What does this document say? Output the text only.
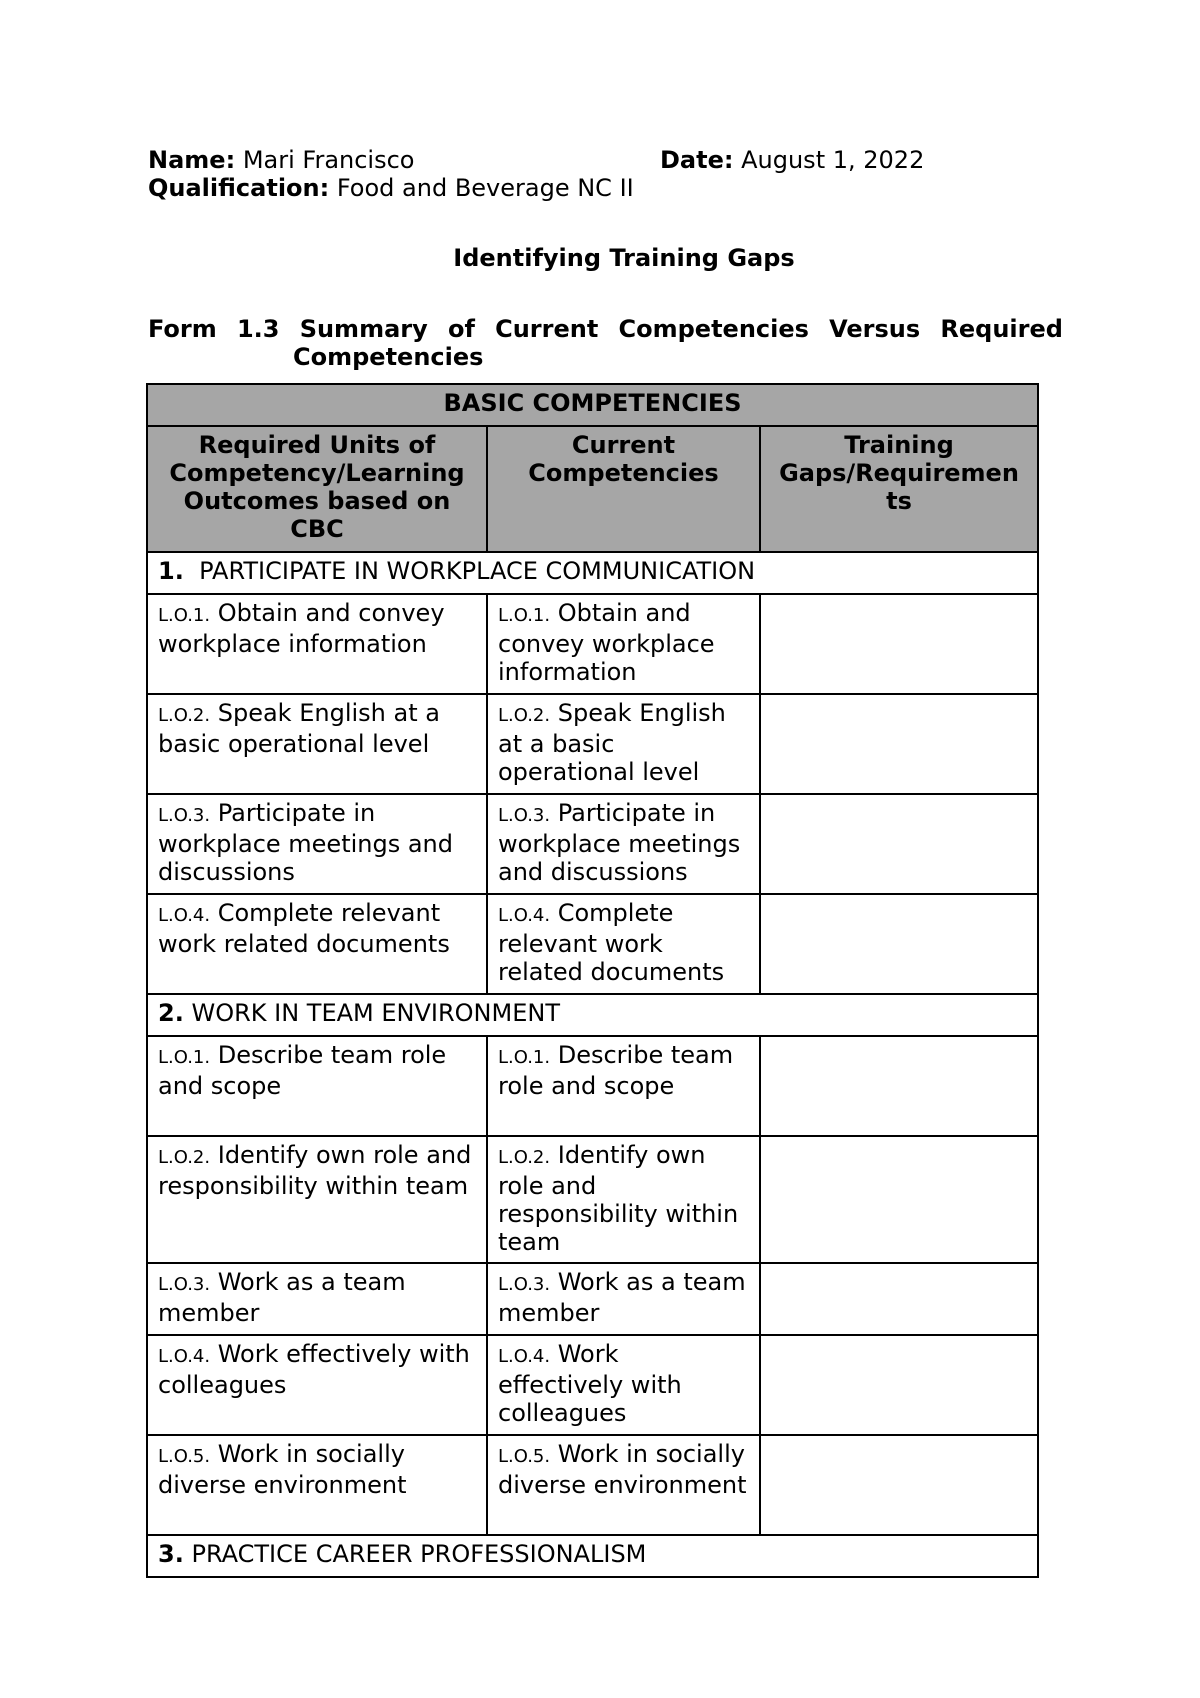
Name: Mari Francisco	Date: August 1, 2022
Qualification: Food and Beverage NC II
Identifying Training Gaps
Form 1.3 Summary of Current Competencies Versus Required
Competencies
BASIC COMPETENCIES		
Required Units of Competency/Learning Outcomes based on CBC	Current Competencies	Training Gaps/Requiremen
ts
1. PARTICIPATE IN WORKPLACE COMMUNICATION		
L.O.1. Obtain and convey workplace information	L.O.1. Obtain and convey workplace information	
L.O.2. Speak English at a basic operational level	L.O.2. Speak English at a basic operational level	
L.O.3. Participate in workplace meetings and discussions	L.O.3. Participate in workplace meetings and discussions	
L.O.4. Complete relevant work related documents	L.O.4. Complete relevant work related documents	
2. WORK IN TEAM ENVIRONMENT		
L.O.1. Describe team role and scope	L.O.1. Describe team role and scope	
L.O.2. Identify own role and responsibility within team	L.O.2. Identify own role and responsibility within team	
L.O.3. Work as a team member	L.O.3. Work as a team member	
L.O.4. Work effectively with colleagues	L.O.4. Work effectively with colleagues	
L.O.5. Work in socially diverse environment	L.O.5. Work in socially diverse environment	
3. PRACTICE CAREER PROFESSIONALISM		
